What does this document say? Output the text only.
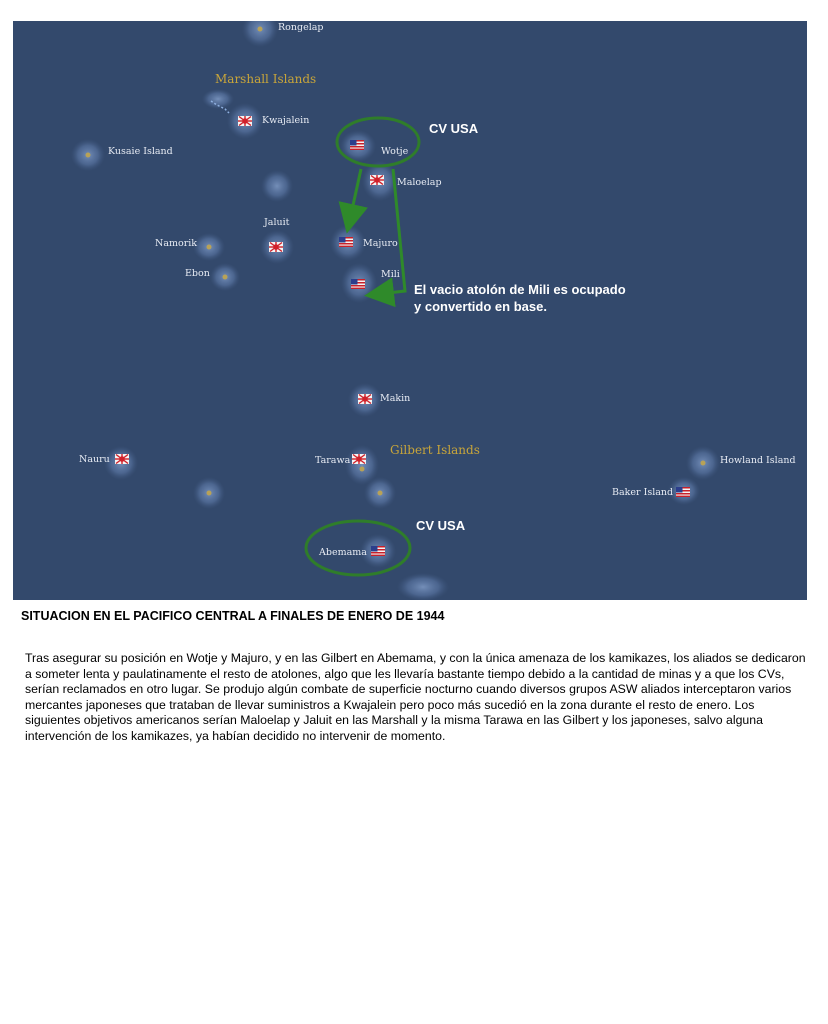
Rongelap
Kwajalein
Kusaie Island	Wotje
Maloelap
Jaluit
Namorik
Ebon
Majuro
Mili
Makin
Nauru	Tarawa	Howland Island
Baker Island
Abemama
Marshall Islands
Gilbert Islands
CV USA
CV USA
El vacio atolón de Mili es ocupado
y convertido en base.

SITUACION EN EL PACIFICO CENTRAL A FINALES DE ENERO DE 1944

Tras asegurar su posición en Wotje y Majuro, y en las Gilbert en Abemama, y con la única amenaza de los kamikazes, los aliados se dedicaron a someter lenta y paulatinamente el resto de atolones, algo que les llevaría bastante tiempo debido a la cantidad de minas y a que los CVs, serían reclamados en otro lugar. Se produjo algún combate de superficie nocturno cuando diversos grupos ASW aliados interceptaron varios mercantes japoneses que trataban de llevar suministros a Kwajalein pero poco más sucedió en la zona durante el resto de enero. Los siguientes objetivos americanos serían Maloelap y Jaluit en las Marshall y la misma Tarawa en las Gilbert y los japoneses, salvo alguna intervención de los kamikazes, ya habían decidido no intervenir de momento.
